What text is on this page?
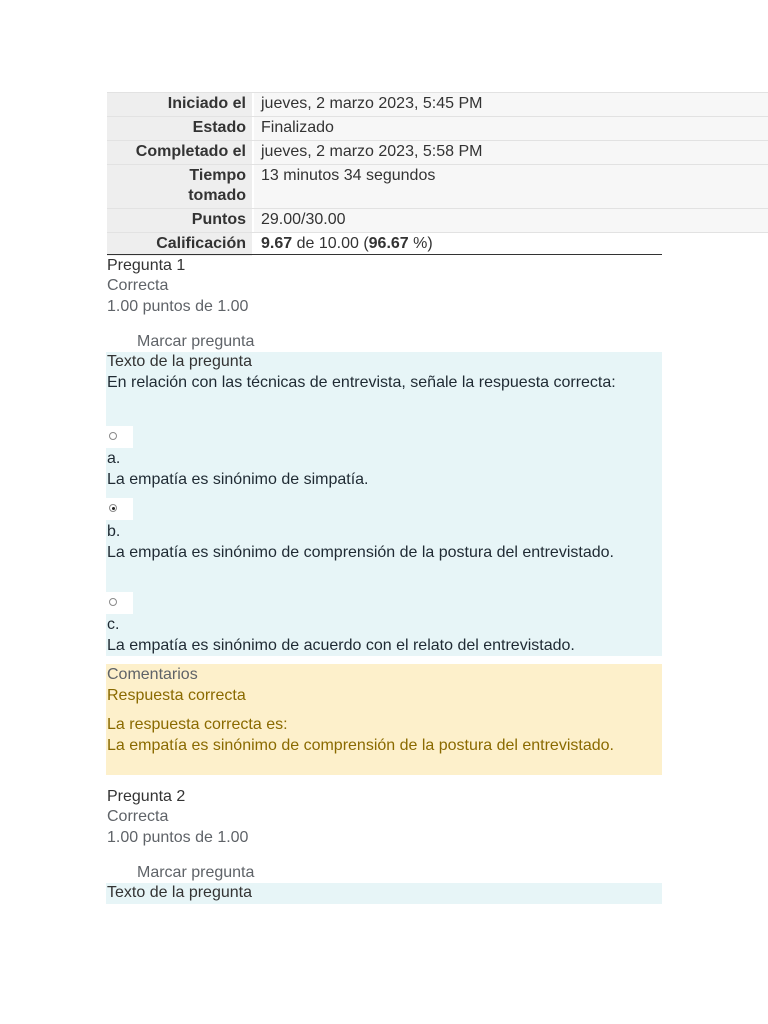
Iniciado el jueves, 2 marzo 2023, 5:45 PM
Estado Finalizado
Completado el jueves, 2 marzo 2023, 5:58 PM
Tiempo tomado
13 minutos 34 segundos
Puntos 29.00/30.00
Calificación 9.67 de 10.00 (96.67 %)
Pregunta 1
Correcta
1.00 puntos de 1.00
Marcar pregunta
Texto de la pregunta
En relación con las técnicas de entrevista, señale la respuesta correcta:
a.
La empatía es sinónimo de simpatía.
b.
La empatía es sinónimo de comprensión de la postura del entrevistado.
c.
La empatía es sinónimo de acuerdo con el relato del entrevistado.
Comentarios
Respuesta correcta
La respuesta correcta es:
La empatía es sinónimo de comprensión de la postura del entrevistado.
Pregunta 2
Correcta
1.00 puntos de 1.00
Marcar pregunta
Texto de la pregunta
